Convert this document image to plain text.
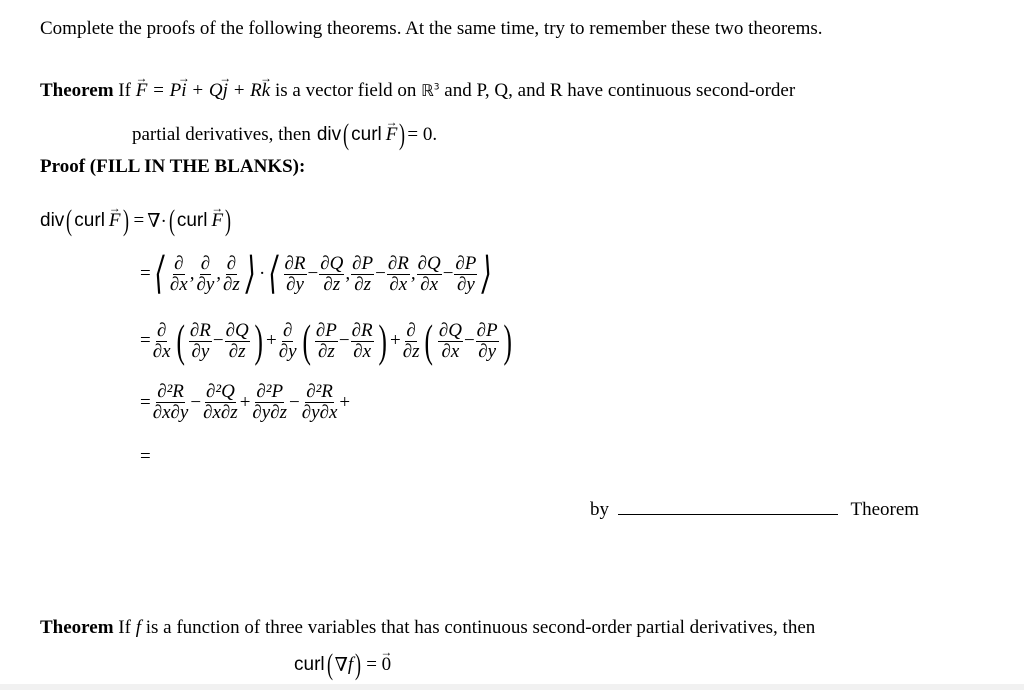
Complete the proofs of the following theorems. At the same time, try to remember these two theorems.
Theorem If → F = P→ i + Q→ j + R→ k is a vector field on ℝ$^3$ and P, Q, and R have continuous second-order
partial derivatives, then div ( curl → F ) = 0.
Proof (FILL IN THE BLANKS):
div ( curl → F ) = ∇· ( curl → F )
= ⟨ $\frac{\partial}{\partial x}$ , $\frac{\partial}{\partial y}$ , $\frac{\partial}{\partial z}$ ⟩ · ⟨ $\frac{\partial R}{\partial y} - \frac{\partial Q}{\partial z}$ , $\frac{\partial P}{\partial z} - \frac{\partial R}{\partial x}$ , $\frac{\partial Q}{\partial x} - \frac{\partial P}{\partial y}$ ⟩
= $\frac{\partial}{\partial x}$ ( $\frac{\partial R}{\partial y} - \frac{\partial Q}{\partial z}$ ) + $\frac{\partial}{\partial y}$ ( $\frac{\partial P}{\partial z} - \frac{\partial R}{\partial x}$ ) + $\frac{\partial}{\partial z}$ ( $\frac{\partial Q}{\partial x} - \frac{\partial P}{\partial y}$ )
= $\frac{\text{∂²R}}{\partial x\partial y} - \frac{\text{∂²Q}}{\partial x\partial z} + \frac{\text{∂²P}}{\partial y\partial z} - \frac{\text{∂²R}}{\partial y\partial x}$ +
=
by	Theorem
Theorem If f is a function of three variables that has continuous second-order partial derivatives, then
curl ( ∇ f ) = → 0
